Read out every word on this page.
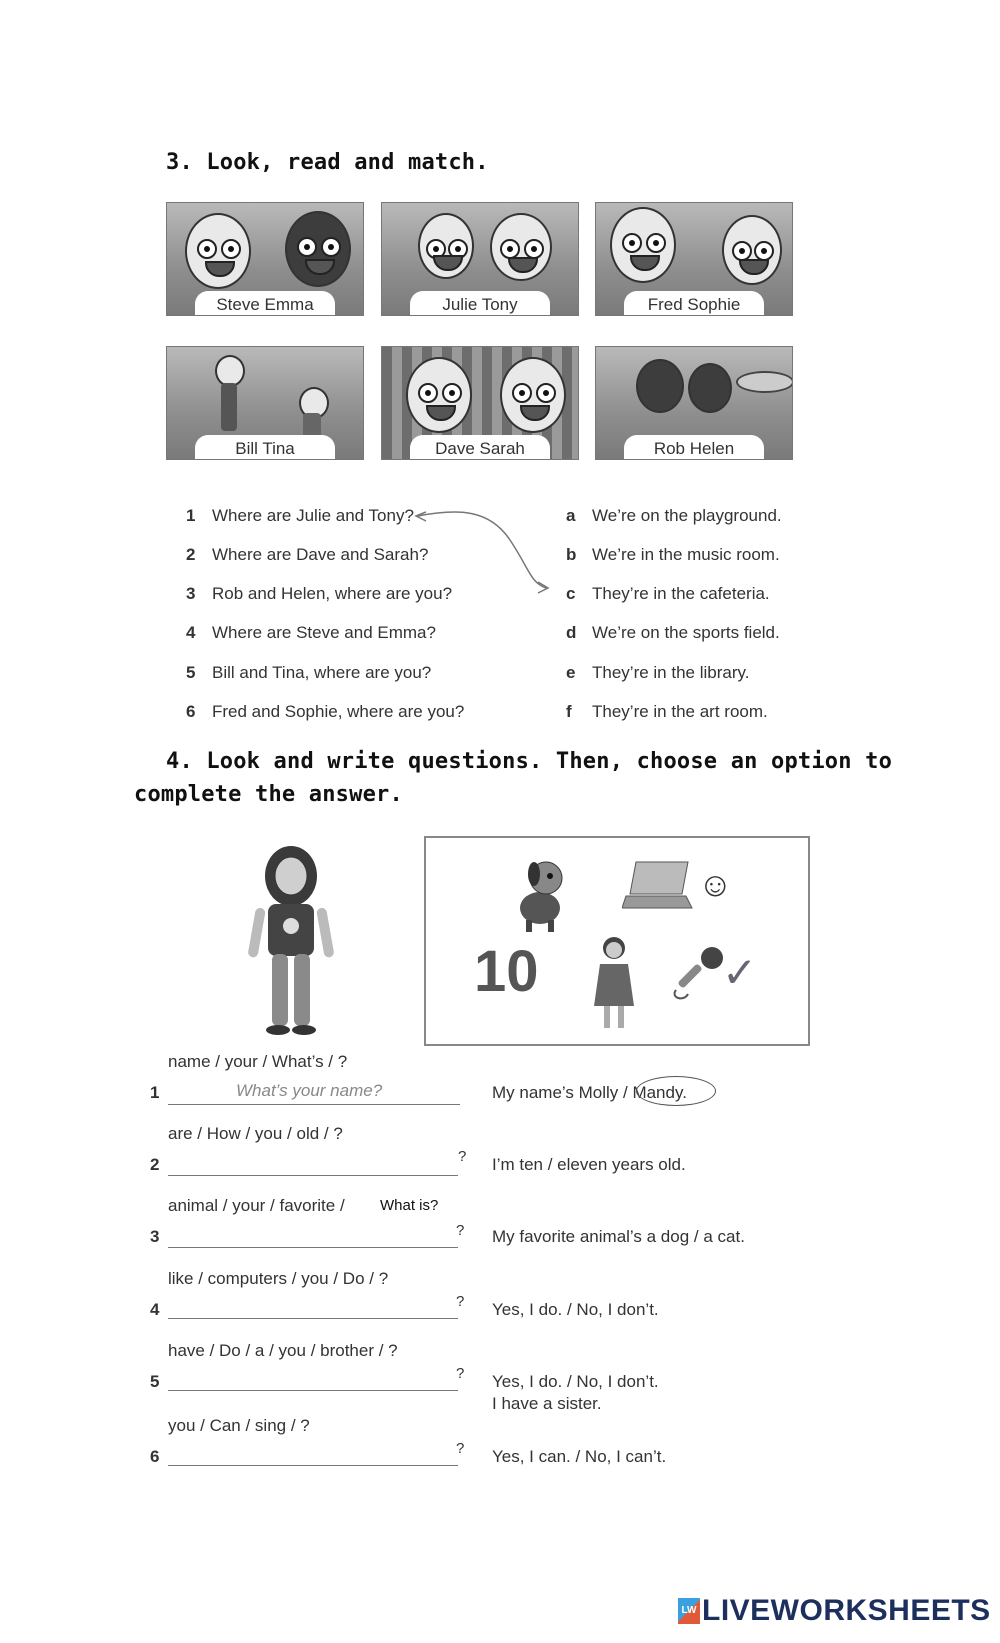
3. Look, read and match.
Steve Emma	Julie Tony	Fred Sophie
Bill Tina	Dave Sarah	Rob Helen
1 Where are Julie and Tony?
2 Where are Dave and Sarah?
3 Rob and Helen, where are you?
4 Where are Steve and Emma?
5 Bill and Tina, where are you?
6 Fred and Sophie, where are you?
a We’re on the playground.
b We’re in the music room.
c They’re in the cafeteria.
d We’re on the sports field.
e They’re in the library.
f They’re in the art room.
4. Look and write questions. Then, choose an option to
complete the answer.
☺
10	✓
name / your / What’s / ?
1	What’s your name?	My name’s Molly / Mandy.
are / How / you / old / ?
2	? I’m ten / eleven years old.
animal / your / favorite / What is?
3	? My favorite animal’s a dog / a cat.
like / computers / you / Do / ?
4	? Yes, I do. / No, I don’t.
have / Do / a / you / brother / ?
5	? Yes, I do. / No, I don’t.
I have a sister.
you / Can / sing / ?
6	? Yes, I can. / No, I can’t.
LW LIVEWORKSHEETS
